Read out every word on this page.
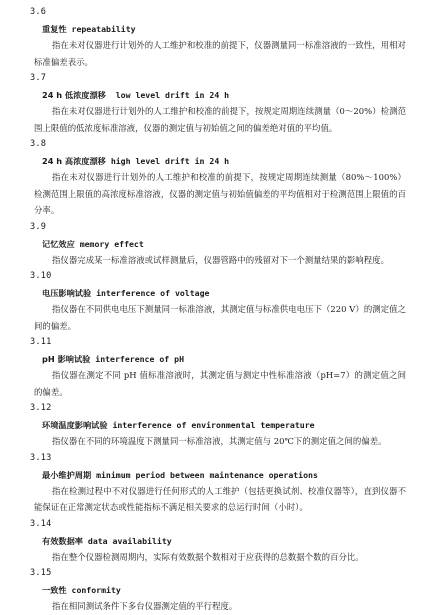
3.6
重复性 repeatability
指在未对仪器进行计划外的人工维护和校准的前提下，仪器测量同一标准溶液的一致性，用相对标准偏差表示。
3.7
24 h 低浓度漂移 low level drift in 24 h
指在未对仪器进行计划外的人工维护和校准的前提下，按规定周期连续测量（0～20%）检测范围上限值的低浓度标准溶液，仪器的测定值与初始值之间的偏差绝对值的平均值。
3.8
24 h 高浓度漂移 high level drift in 24 h
指在未对仪器进行计划外的人工维护和校准的前提下，按规定周期连续测量（80%～100%）检测范围上限值的高浓度标准溶液，仪器的测定值与初始值偏差的平均值相对于检测范围上限值的百分率。
3.9
记忆效应 memory effect
指仪器完成某一标准溶液或试样测量后，仪器管路中的残留对下一个测量结果的影响程度。
3.10
电压影响试验 interference of voltage
指仪器在不同供电电压下测量同一标准溶液，其测定值与标准供电电压下（220 V）的测定值之间的偏差。
3.11
pH 影响试验 interference of pH
指仪器在测定不同 pH 值标准溶液时，其测定值与测定中性标准溶液（pH=7）的测定值之间的偏差。
3.12
环境温度影响试验 interference of environmental temperature
指仪器在不同的环境温度下测量同一标准溶液，其测定值与 20℃下的测定值之间的偏差。
3.13
最小维护周期 minimum period between maintenance operations
指在检测过程中不对仪器进行任何形式的人工维护（包括更换试剂、校准仪器等），直到仪器不能保证在正常测定状态或性能指标不满足相关要求的总运行时间（小时）。
3.14
有效数据率 data availability
指在整个仪器检测周期内，实际有效数据个数相对于应获得的总数据个数的百分比。
3.15
一致性 conformity
指在相同测试条件下多台仪器测定值的平行程度。
